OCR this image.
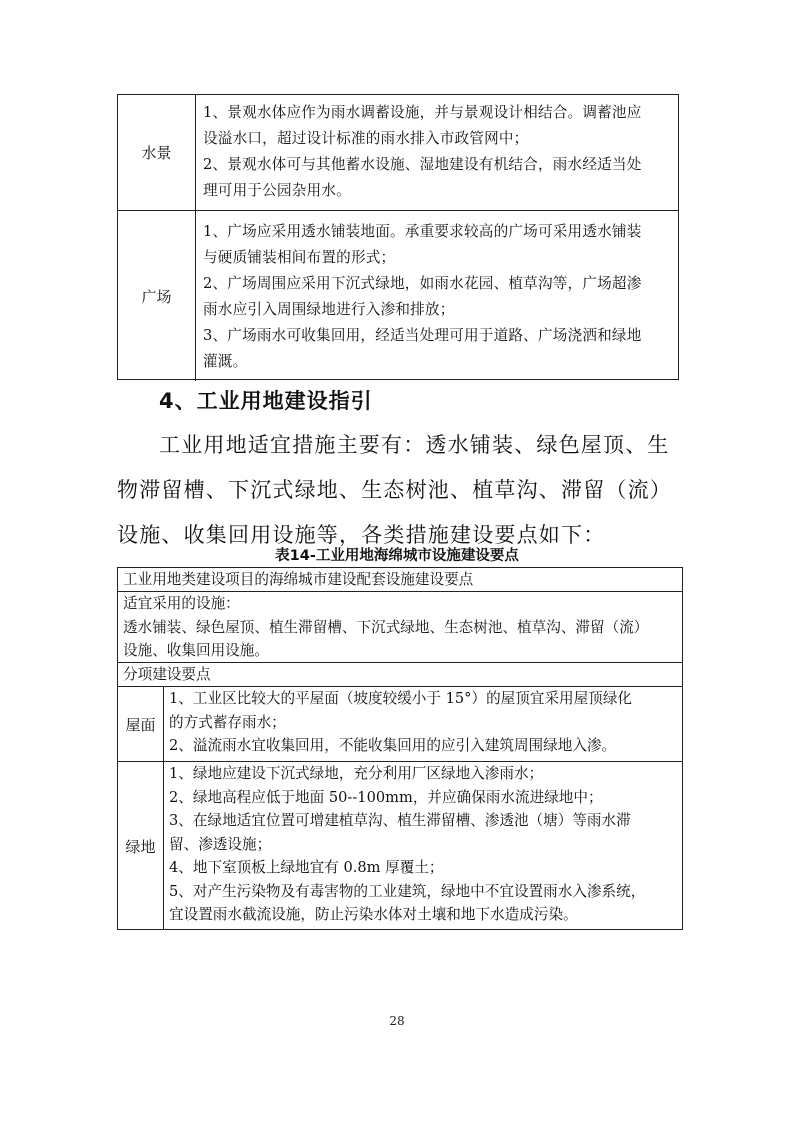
水景

1、景观水体应作为雨水调蓄设施，并与景观设计相结合。调蓄池应

设溢水口，超过设计标准的雨水排入市政管网中；

2、景观水体可与其他蓄水设施、湿地建设有机结合，雨水经适当处

理可用于公园杂用水。

广场

1、广场应采用透水铺装地面。承重要求较高的广场可采用透水铺装

与硬质铺装相间布置的形式；

2、广场周围应采用下沉式绿地，如雨水花园、植草沟等，广场超渗

雨水应引入周围绿地进行入渗和排放；

3、广场雨水可收集回用，经适当处理可用于道路、广场浇洒和绿地

灌溉。

4、工业用地建设指引

工业用地适宜措施主要有：透水铺装、绿色屋顶、生物滞留槽、下沉式绿地、生态树池、植草沟、滞留（流）设施、收集回用设施等，各类措施建设要点如下：

表14-工业用地海绵城市设施建设要点

工业用地类建设项目的海绵城市建设配套设施建设要点

适宜采用的设施：

透水铺装、绿色屋顶、植生滞留槽、下沉式绿地、生态树池、植草沟、滞留（流）

设施、收集回用设施。

分项建设要点

屋面

1、工业区比较大的平屋面（坡度较缓小于 15°）的屋顶宜采用屋顶绿化

的方式蓄存雨水；

2、溢流雨水宜收集回用，不能收集回用的应引入建筑周围绿地入渗。

绿地

1、绿地应建设下沉式绿地，充分利用厂区绿地入渗雨水；

2、绿地高程应低于地面 50--100mm，并应确保雨水流进绿地中；

3、在绿地适宜位置可增建植草沟、植生滞留槽、渗透池（塘）等雨水滞

留、渗透设施；

4、地下室顶板上绿地宜有 0.8m 厚覆土；

5、对产生污染物及有毒害物的工业建筑，绿地中不宜设置雨水入渗系统，

宜设置雨水截流设施，防止污染水体对土壤和地下水造成污染。

28
